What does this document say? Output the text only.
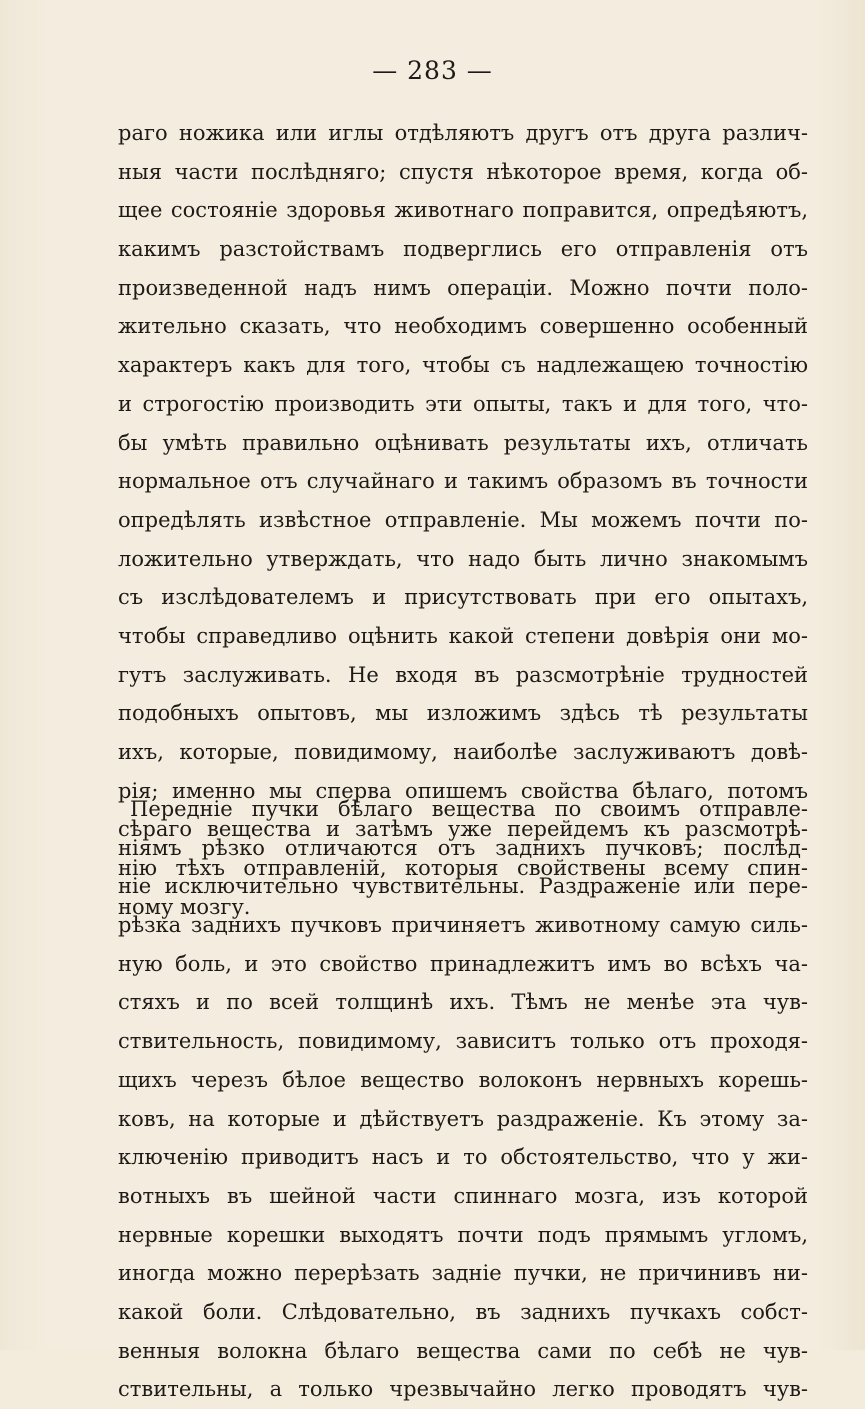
— 283 —
раго ножика или иглы отдѣляютъ другъ отъ друга различ-
ныя части послѣдняго; спустя нѣкоторое время, когда об-
щее состояніе здоровья животнаго поправится, опредѣяютъ,
какимъ разстойствамъ подверглись его отправленія отъ
произведенной надъ нимъ операціи. Можно почти поло-
жительно сказать, что необходимъ совершенно особенный
характеръ какъ для того, чтобы съ надлежащею точностію
и строгостію производить эти опыты, такъ и для того, что-
бы умѣть правильно оцѣнивать результаты ихъ, отличать
нормальное отъ случайнаго и такимъ образомъ въ точности
опредѣлять извѣстное отправленіе. Мы можемъ почти по-
ложительно утверждать, что надо быть лично знакомымъ
съ изслѣдователемъ и присутствовать при его опытахъ,
чтобы справедливо оцѣнить какой степени довѣрія они мо-
гутъ заслуживать. Не входя въ разсмотрѣніе трудностей
подобныхъ опытовъ, мы изложимъ здѣсь тѣ результаты
ихъ, которые, повидимому, наиболѣе заслуживаютъ довѣ-
рія; именно мы сперва опишемъ свойства бѣлаго, потомъ
сѣраго вещества и затѣмъ уже перейдемъ къ разсмотрѣ-
нію тѣхъ отправленій, которыя свойствены всему спин-
ному мозгу.
Передніе пучки бѣлаго вещества по своимъ отправле-
ніямъ рѣзко отличаются отъ заднихъ пучковъ; послѣд-
ніе исключительно чувствительны. Раздраженіе или пере-
рѣзка заднихъ пучковъ причиняетъ животному самую силь-
ную боль, и это свойство принадлежитъ имъ во всѣхъ ча-
стяхъ и по всей толщинѣ ихъ. Тѣмъ не менѣе эта чув-
ствительность, повидимому, зависитъ только отъ проходя-
щихъ черезъ бѣлое вещество волоконъ нервныхъ корешь-
ковъ, на которые и дѣйствуетъ раздраженіе. Къ этому за-
ключенію приводитъ насъ и то обстоятельство, что у жи-
вотныхъ въ шейной части спиннаго мозга, изъ которой
нервные корешки выходятъ почти подъ прямымъ угломъ,
иногда можно перерѣзать задніе пучки, не причинивъ ни-
какой боли. Слѣдовательно, въ заднихъ пучкахъ собст-
венныя волокна бѣлаго вещества сами по себѣ не чув-
ствительны, а только чрезвычайно легко проводятъ чув-
